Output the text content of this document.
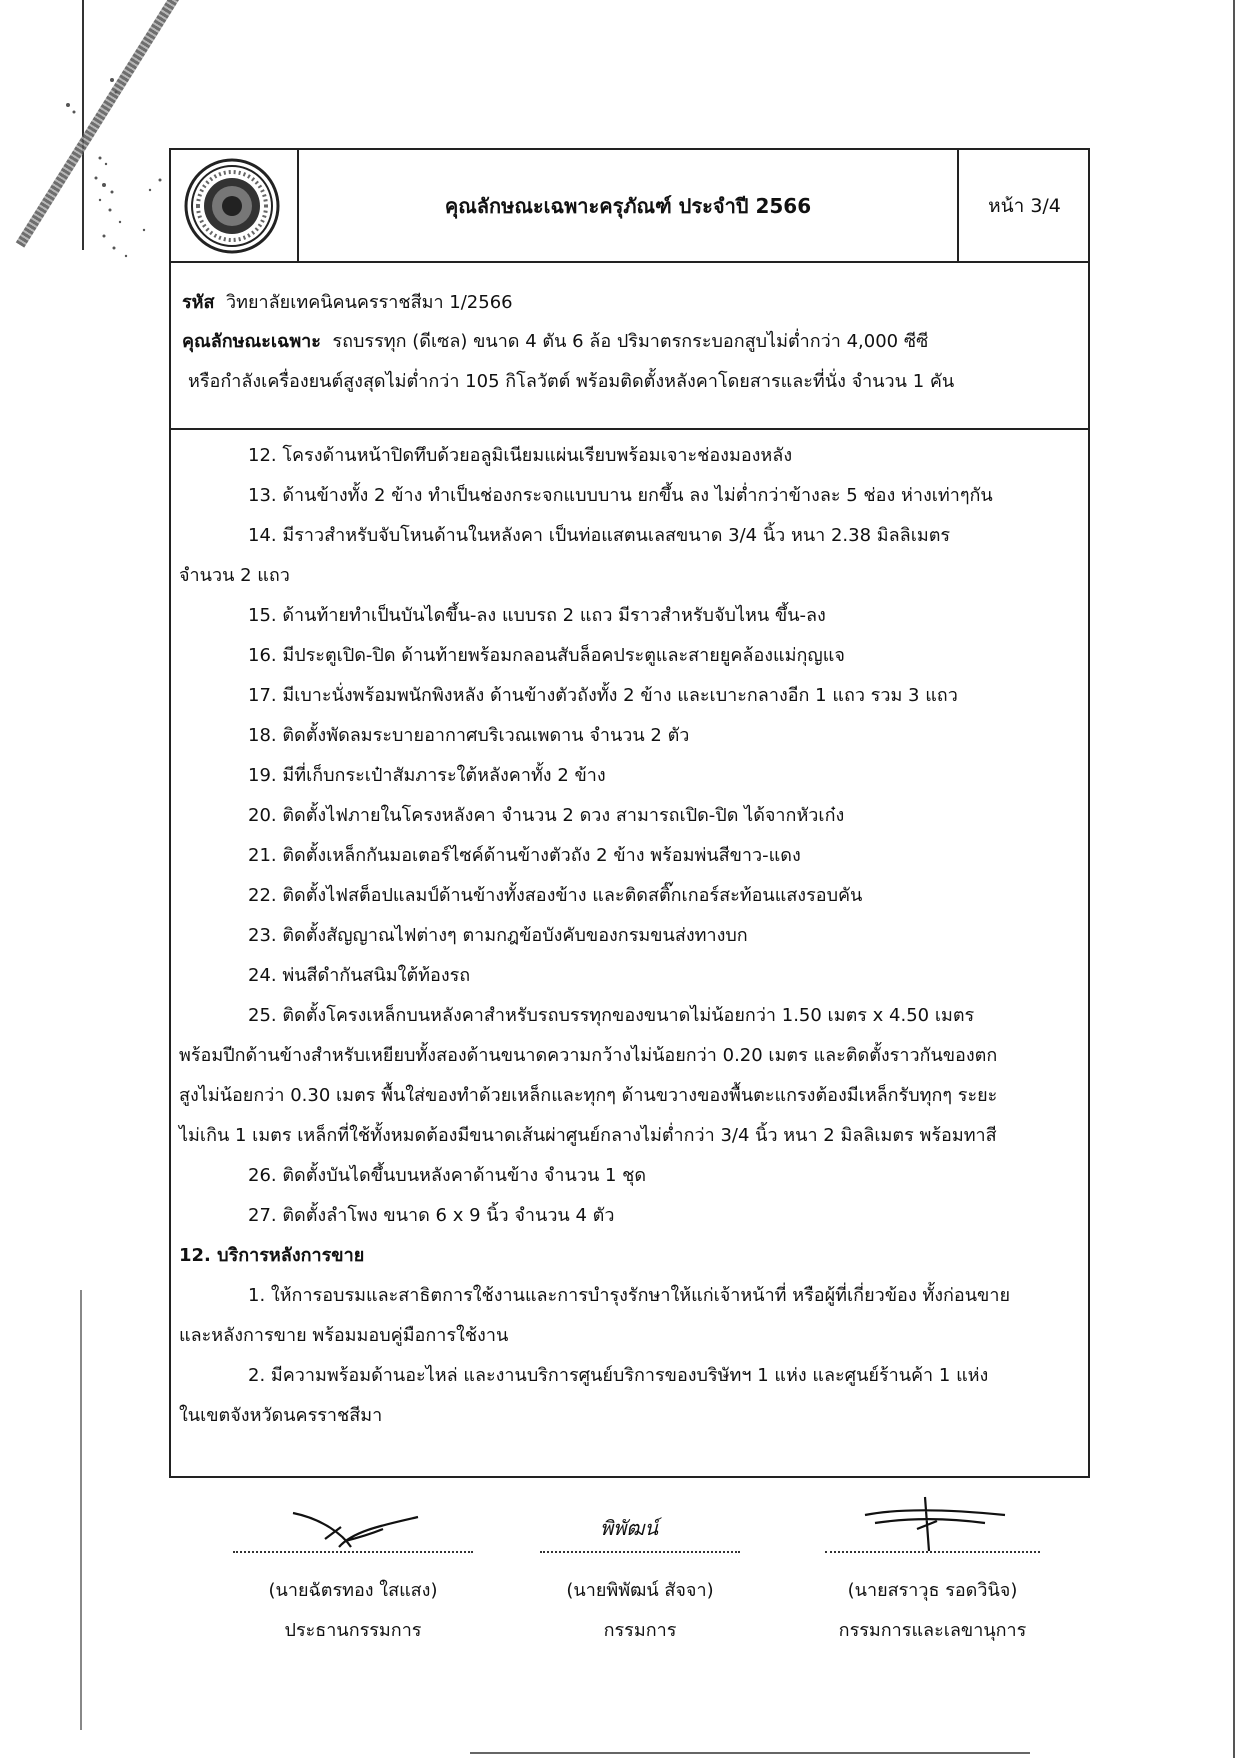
คุณลักษณะเฉพาะครุภัณฑ์ ประจำปี 2566	หน้า 3/4
รหัส วิทยาลัยเทคนิคนครราชสีมา 1/2566
คุณลักษณะเฉพาะ รถบรรทุก (ดีเซล) ขนาด 4 ตัน 6 ล้อ ปริมาตรกระบอกสูบไม่ต่ำกว่า 4,000 ซีซี
หรือกำลังเครื่องยนต์สูงสุดไม่ต่ำกว่า 105 กิโลวัตต์ พร้อมติดตั้งหลังคาโดยสารและที่นั่ง จำนวน 1 คัน
12. โครงด้านหน้าปิดทึบด้วยอลูมิเนียมแผ่นเรียบพร้อมเจาะช่องมองหลัง
13. ด้านข้างทั้ง 2 ข้าง ทำเป็นช่องกระจกแบบบาน ยกขึ้น ลง ไม่ต่ำกว่าข้างละ 5 ช่อง ห่างเท่าๆกัน
14. มีราวสำหรับจับโหนด้านในหลังคา เป็นท่อแสตนเลสขนาด 3/4 นิ้ว หนา 2.38 มิลลิเมตร
จำนวน 2 แถว
15. ด้านท้ายทำเป็นบันไดขึ้น-ลง แบบรถ 2 แถว มีราวสำหรับจับไหน ขึ้น-ลง
16. มีประตูเปิด-ปิด ด้านท้ายพร้อมกลอนสับล็อคประตูและสายยูคล้องแม่กุญแจ
17. มีเบาะนั่งพร้อมพนักพิงหลัง ด้านข้างตัวถังทั้ง 2 ข้าง และเบาะกลางอีก 1 แถว รวม 3 แถว
18. ติดตั้งพัดลมระบายอากาศบริเวณเพดาน จำนวน 2 ตัว
19. มีที่เก็บกระเป๋าสัมภาระใต้หลังคาทั้ง 2 ข้าง
20. ติดตั้งไฟภายในโครงหลังคา จำนวน 2 ดวง สามารถเปิด-ปิด ได้จากหัวเก๋ง
21. ติดตั้งเหล็กกันมอเตอร์ไซค์ด้านข้างตัวถัง 2 ข้าง พร้อมพ่นสีขาว-แดง
22. ติดตั้งไฟสต็อปแลมป์ด้านข้างทั้งสองข้าง และติดสติ๊กเกอร์สะท้อนแสงรอบคัน
23. ติดตั้งสัญญาณไฟต่างๆ ตามกฎข้อบังคับของกรมขนส่งทางบก
24. พ่นสีดำกันสนิมใต้ท้องรถ
25. ติดตั้งโครงเหล็กบนหลังคาสำหรับรถบรรทุกของขนาดไม่น้อยกว่า 1.50 เมตร x 4.50 เมตร
พร้อมปีกด้านข้างสำหรับเหยียบทั้งสองด้านขนาดความกว้างไม่น้อยกว่า 0.20 เมตร และติดตั้งราวกันของตก
สูงไม่น้อยกว่า 0.30 เมตร พื้นใส่ของทำด้วยเหล็กและทุกๆ ด้านขวางของพื้นตะแกรงต้องมีเหล็กรับทุกๆ ระยะ
ไม่เกิน 1 เมตร เหล็กที่ใช้ทั้งหมดต้องมีขนาดเส้นผ่าศูนย์กลางไม่ต่ำกว่า 3/4 นิ้ว หนา 2 มิลลิเมตร พร้อมทาสี
26. ติดตั้งบันไดขึ้นบนหลังคาด้านข้าง จำนวน 1 ชุด
27. ติดตั้งลำโพง ขนาด 6 x 9 นิ้ว จำนวน 4 ตัว
12. บริการหลังการขาย
1. ให้การอบรมและสาธิตการใช้งานและการบำรุงรักษาให้แก่เจ้าหน้าที่ หรือผู้ที่เกี่ยวข้อง ทั้งก่อนขาย
และหลังการขาย พร้อมมอบคู่มือการใช้งาน
2. มีความพร้อมด้านอะไหล่ และงานบริการศูนย์บริการของบริษัทฯ 1 แห่ง และศูนย์ร้านค้า 1 แห่ง
ในเขตจังหวัดนครราชสีมา
(นายฉัตรทอง ใสแสง)
ประธานกรรมการ
พิพัฒน์
(นายพิพัฒน์ สัจจา)
กรรมการ
(นายสราวุธ รอดวินิจ)
กรรมการและเลขานุการ
